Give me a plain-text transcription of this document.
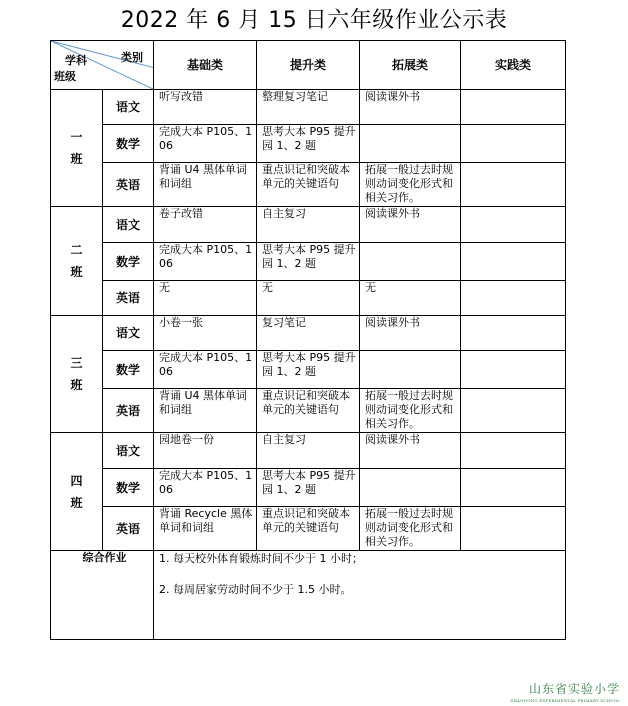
2022 年 6 月 15 日六年级作业公示表
类别
学科
班级		基础类	提升类	拓展类	实践类
一
班	语文	听写改错	整理复习笔记	阅读课外书	
	数学	完成大本 P105、106	思考大本 P95 提升园 1、2 题		
	英语	背诵 U4 黑体单词和词组	重点识记和突破本单元的关键语句	拓展一般过去时规则动词变化形式和相关习作。	
二
班	语文	卷子改错	自主复习	阅读课外书	
	数学	完成大本 P105、106	思考大本 P95 提升园 1、2 题		
	英语	无	无	无	
三
班	语文	小卷一张	复习笔记	阅读课外书	
	数学	完成大本 P105、106	思考大本 P95 提升园 1、2 题		
	英语	背诵 U4 黑体单词和词组	重点识记和突破本单元的关键语句	拓展一般过去时规则动词变化形式和相关习作。	
四
班	语文	园地卷一份	自主复习	阅读课外书	
	数学	完成大本 P105、106	思考大本 P95 提升园 1、2 题		
	英语	背诵 Recycle 黑体单词和词组	重点识记和突破本单元的关键语句	拓展一般过去时规则动词变化形式和相关习作。	
综合作业		1. 每天校外体育锻炼时间不少于 1 小时；

2. 每周居家劳动时间不少于 1.5 小时。			

山东省实验小学
SHANDONG EXPERIMENTAL PRIMARY SCHOOL
